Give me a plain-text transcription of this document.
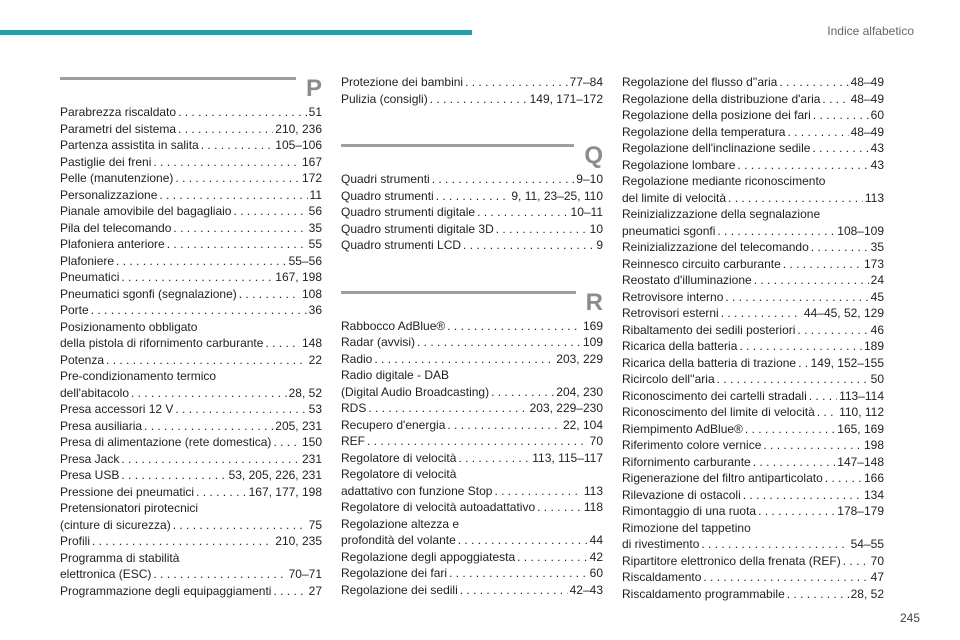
Indice alfabetico
P
Parabrezza riscaldato . . .	51
Parametri del sistema . . .	210, 236
Partenza assistita in salita . . .	105–106
Pastiglie dei freni . . .	167
Pelle (manutenzione) . . .	172
Personalizzazione . . .	11
Pianale amovibile del bagagliaio . . .	56
Pila del telecomando . . .	35
Plafoniera anteriore . . .	55
Plafoniere . . .	55–56
Pneumatici . . .	167, 198
Pneumatici sgonfi (segnalazione) . . .	108
Porte . . .	36
Posizionamento obbligato
della pistola di rifornimento carburante . . .	148
Potenza . . .	22
Pre-condizionamento termico
dell'abitacolo . . .	28, 52
Presa accessori 12 V . . .	53
Presa ausiliaria . . .	205, 231
Presa di alimentazione (rete domestica) . . .	150
Presa Jack . . .	231
Presa USB . . .	53, 205, 226, 231
Pressione dei pneumatici . . .	167, 177, 198
Pretensionatori pirotecnici
(cinture di sicurezza) . . .	75
Profili . . .	210, 235
Programma di stabilità
elettronica (ESC) . . .	70–71
Programmazione degli equipaggiamenti . . .	27
Protezione dei bambini . . .	77–84
Pulizia (consigli) . . .	149, 171–172
Q
Quadri strumenti . . .	9–10
Quadro strumenti . . .	9, 11, 23–25, 110
Quadro strumenti digitale . . .	10–11
Quadro strumenti digitale 3D . . .	10
Quadro strumenti LCD . . .	9
R
Rabbocco AdBlue® . . .	169
Radar (avvisi) . . .	109
Radio . . .	203, 229
Radio digitale - DAB
(Digital Audio Broadcasting) . . .	204, 230
RDS . . .	203, 229–230
Recupero d'energia . . .	22, 104
REF . . .	70
Regolatore di velocità . . .	113, 115–117
Regolatore di velocità
adattativo con funzione Stop . . .	113
Regolatore di velocità autoadattativo . . .	118
Regolazione altezza e
profondità del volante . . .	44
Regolazione degli appoggiatesta . . .	42
Regolazione dei fari . . .	60
Regolazione dei sedili . . .	42–43
Regolazione del flusso d''aria . . .	48–49
Regolazione della distribuzione d'aria . . .	48–49
Regolazione della posizione dei fari . . .	60
Regolazione della temperatura . . .	48–49
Regolazione dell'inclinazione sedile . . .	43
Regolazione lombare . . .	43
Regolazione mediante riconoscimento
del limite di velocità . . .	113
Reinizializzazione della segnalazione
pneumatici sgonfi . . .	108–109
Reinizializzazione del telecomando . . .	35
Reinnesco circuito carburante . . .	173
Reostato d'illuminazione . . .	24
Retrovisore interno . . .	45
Retrovisori esterni . . .	44–45, 52, 129
Ribaltamento dei sedili posteriori . . .	46
Ricarica della batteria . . .	189
Ricarica della batteria di trazione . . . 149, 152–155
Ricircolo dell''aria . . .	50
Riconoscimento dei cartelli stradali . . .	113–114
Riconoscimento del limite di velocità . . . 110, 112
Riempimento AdBlue® . . .	165, 169
Riferimento colore vernice . . .	198
Rifornimento carburante . . .	147–148
Rigenerazione del filtro antiparticolato . . .	166
Rilevazione di ostacoli . . .	134
Rimontaggio di una ruota . . .	178–179
Rimozione del tappetino
di rivestimento . . .	54–55
Ripartitore elettronico della frenata (REF) . . . 70
Riscaldamento . . .	47
Riscaldamento programmabile . . .	28, 52
245
